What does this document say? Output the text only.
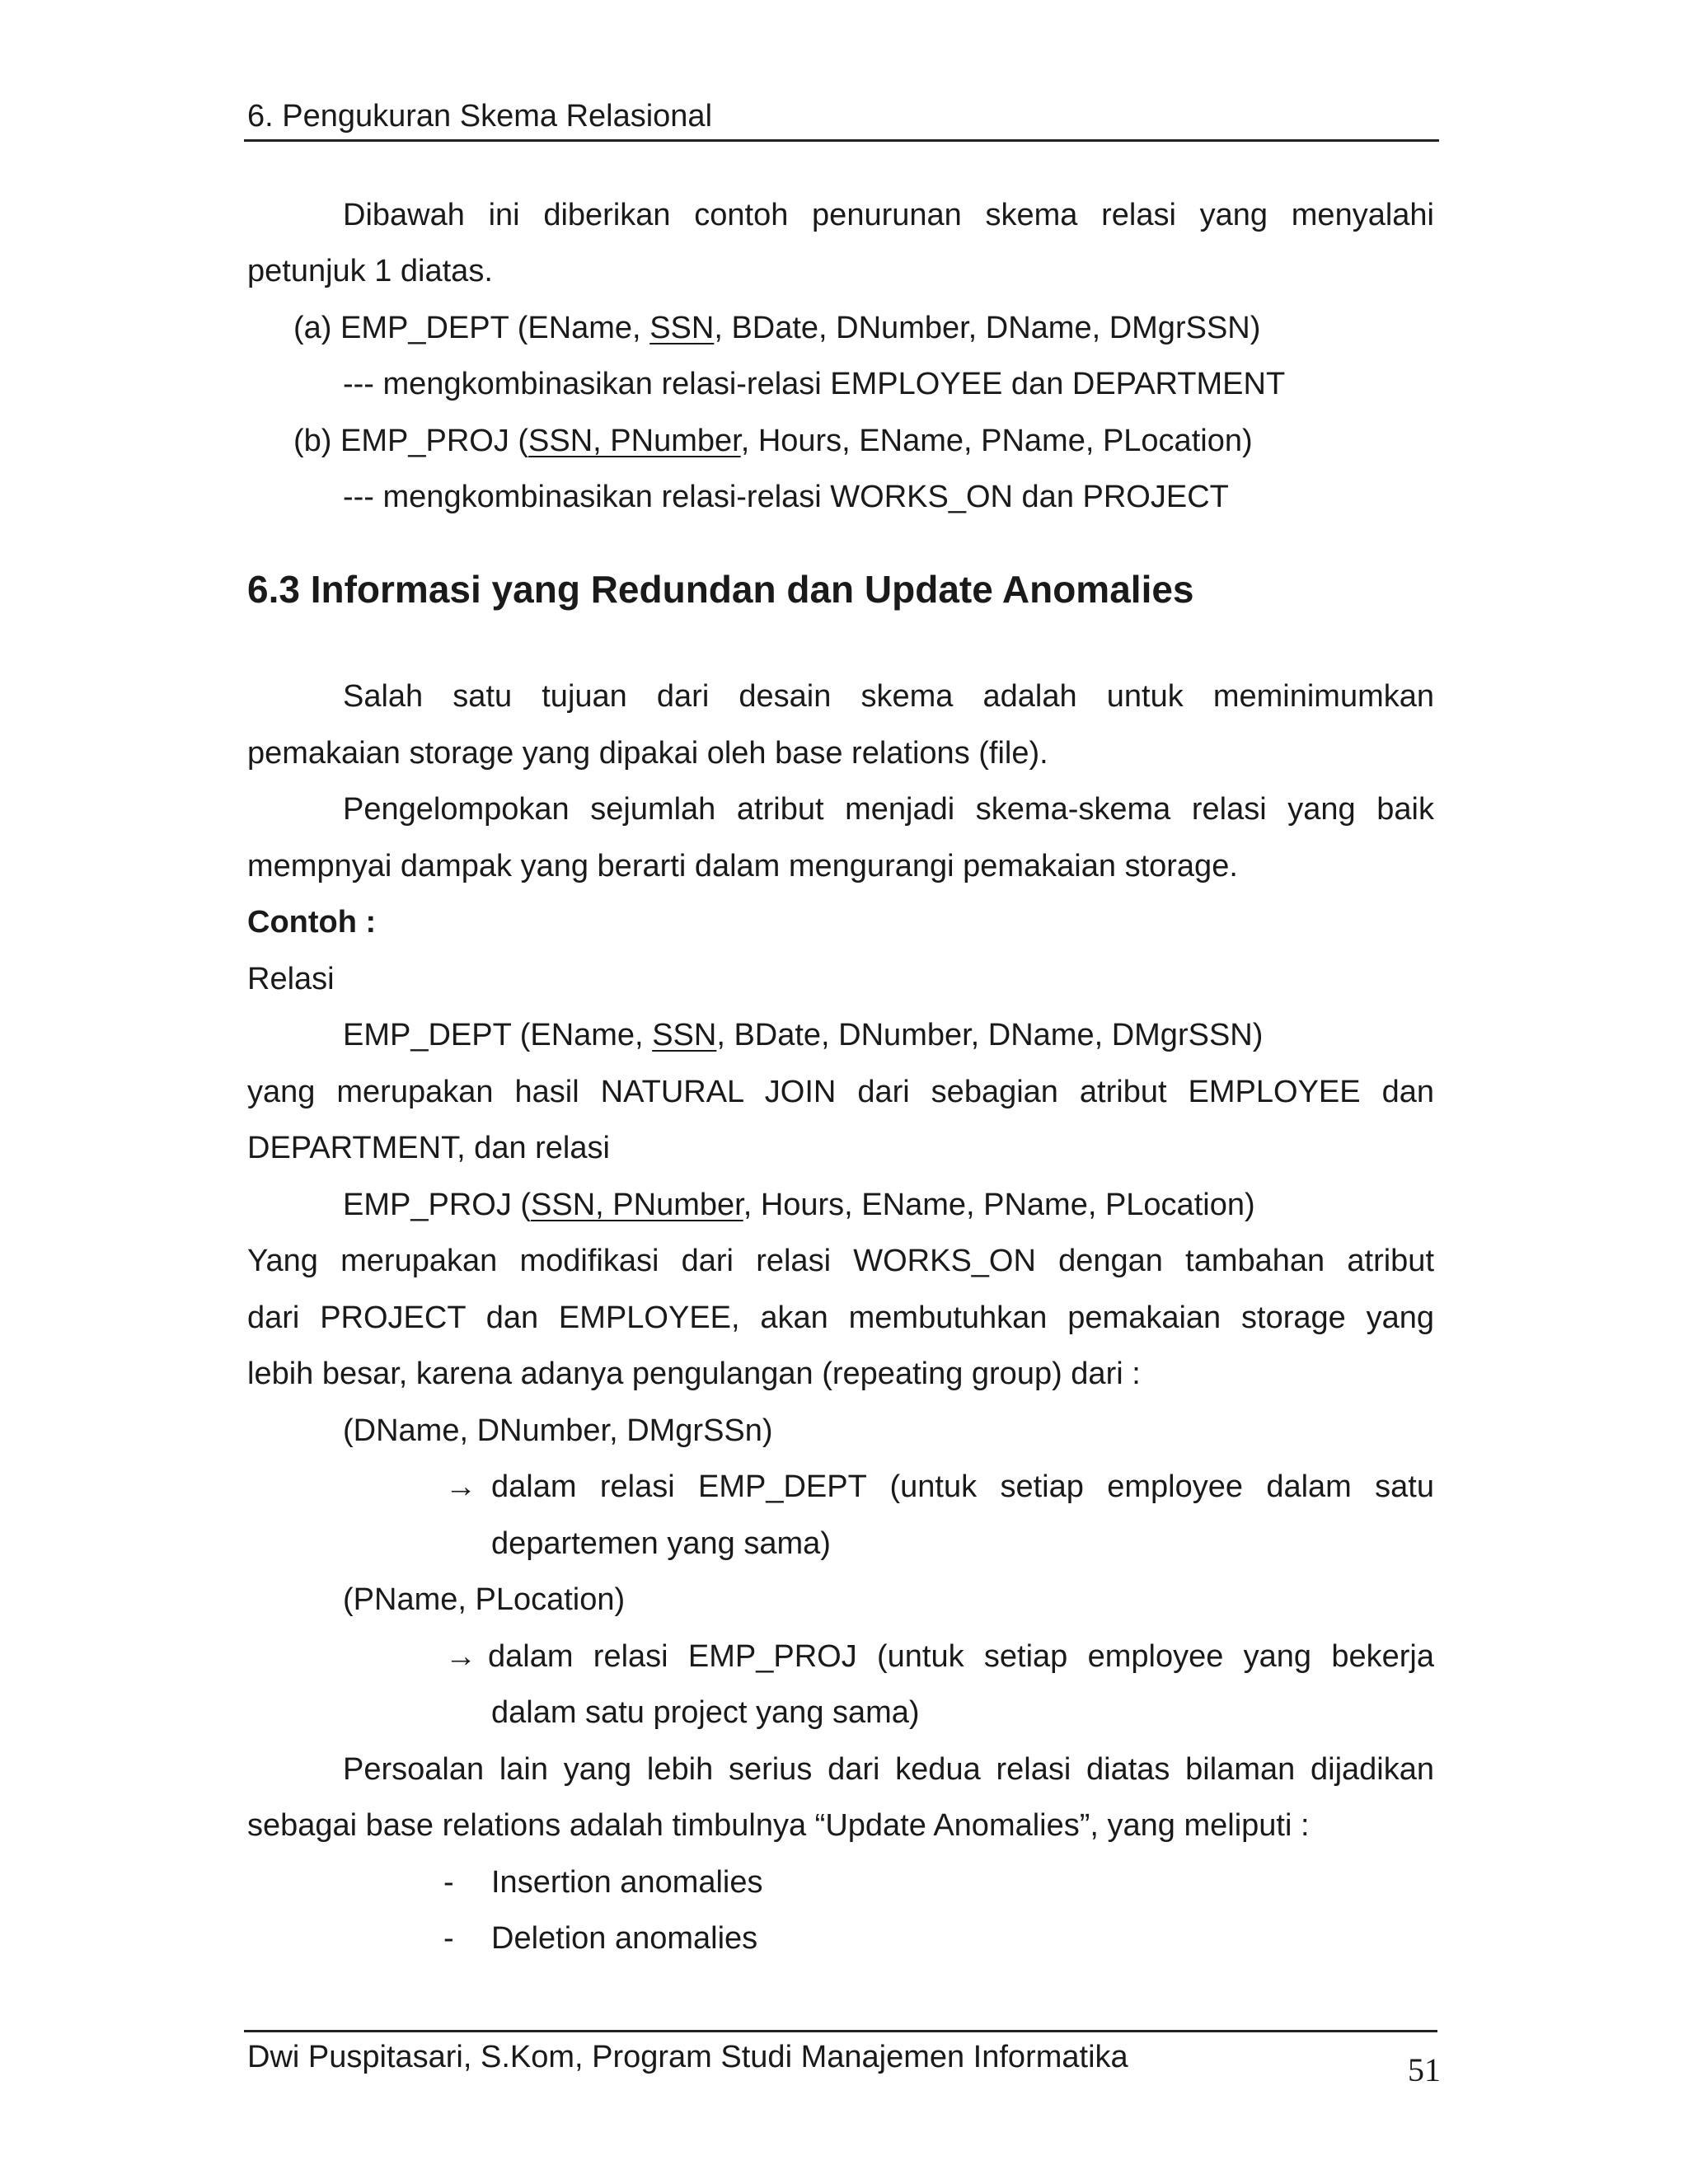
6. Pengukuran Skema Relasional
Dibawah ini diberikan contoh penurunan skema relasi yang menyalahi
petunjuk 1 diatas.
(a) EMP_DEPT (EName, SSN, BDate, DNumber, DName, DMgrSSN)
--- mengkombinasikan relasi-relasi EMPLOYEE dan DEPARTMENT
(b) EMP_PROJ (SSN, PNumber, Hours, EName, PName, PLocation)
--- mengkombinasikan relasi-relasi WORKS_ON dan PROJECT
6.3 Informasi yang Redundan dan Update Anomalies
Salah satu tujuan dari desain skema adalah untuk meminimumkan
pemakaian storage yang dipakai oleh base relations (file).
Pengelompokan sejumlah atribut menjadi skema-skema relasi yang baik
mempnyai dampak yang berarti dalam mengurangi pemakaian storage.
Contoh :
Relasi
EMP_DEPT (EName, SSN, BDate, DNumber, DName, DMgrSSN)
yang merupakan hasil NATURAL JOIN dari sebagian atribut EMPLOYEE dan
DEPARTMENT, dan relasi
EMP_PROJ (SSN, PNumber, Hours, EName, PName, PLocation)
Yang merupakan modifikasi dari relasi WORKS_ON dengan tambahan atribut
dari PROJECT dan EMPLOYEE, akan membutuhkan pemakaian storage yang
lebih besar, karena adanya pengulangan (repeating group) dari :
(DName, DNumber, DMgrSSn)
→ dalam relasi EMP_DEPT (untuk setiap employee dalam satu
departemen yang sama)
(PName, PLocation)
→ dalam relasi EMP_PROJ (untuk setiap employee yang bekerja
dalam satu project yang sama)
Persoalan lain yang lebih serius dari kedua relasi diatas bilaman dijadikan
sebagai base relations adalah timbulnya “Update Anomalies”, yang meliputi :
- Insertion anomalies
- Deletion anomalies
Dwi Puspitasari, S.Kom, Program Studi Manajemen Informatika	51
